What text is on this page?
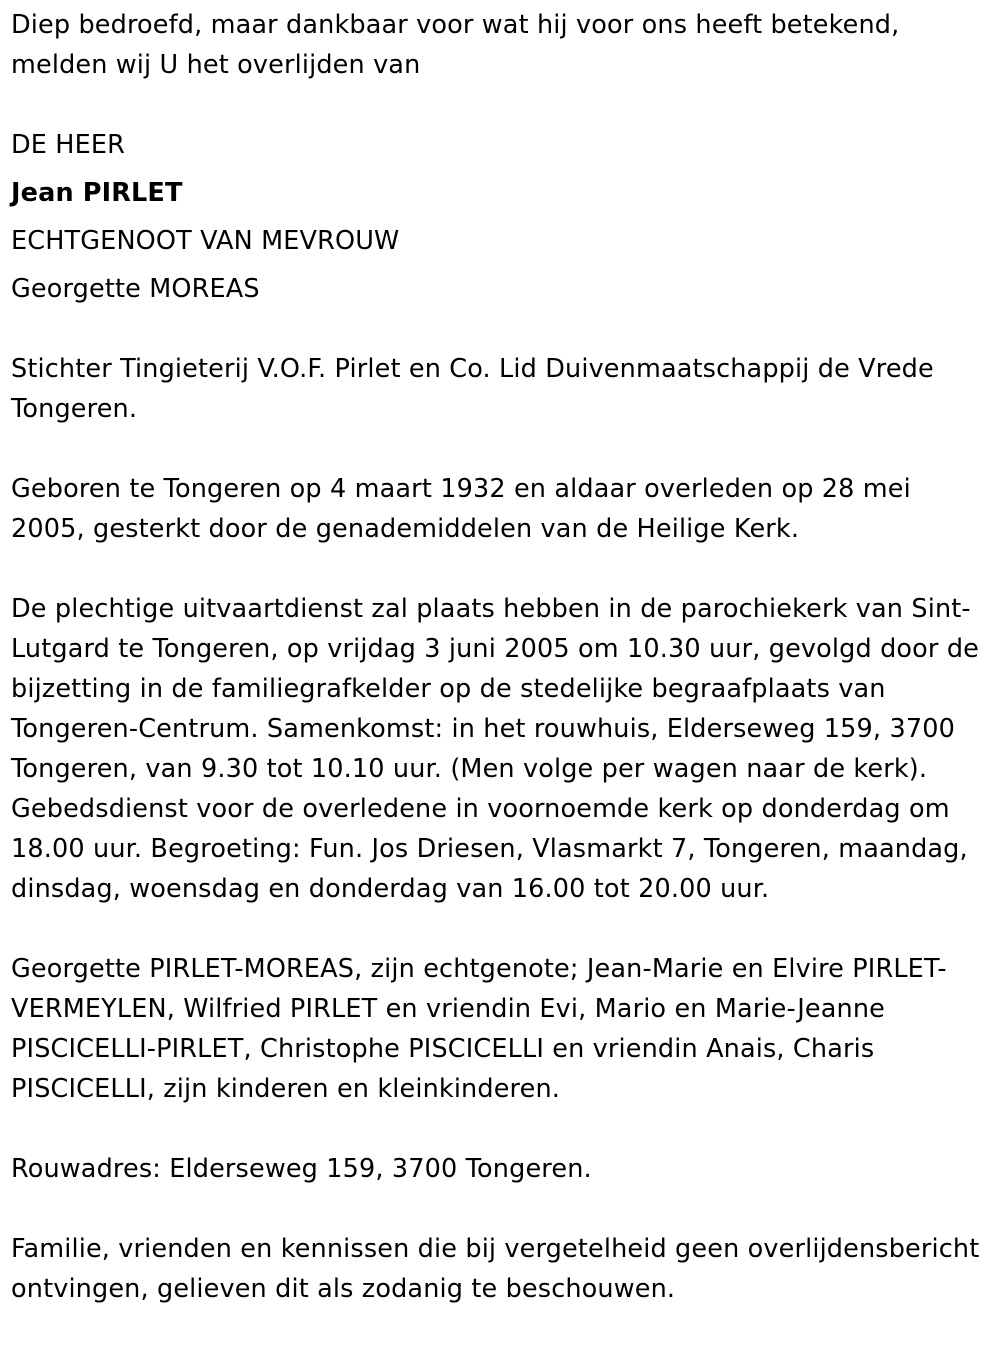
Diep bedroefd, maar dankbaar voor wat hij voor ons heeft betekend, melden wij U het overlijden van

DE HEER

Jean PIRLET

ECHTGENOOT VAN MEVROUW

Georgette MOREAS

Stichter Tingieterij V.O.F. Pirlet en Co. Lid Duivenmaatschappij de Vrede Tongeren.

Geboren te Tongeren op 4 maart 1932 en aldaar overleden op 28 mei 2005, gesterkt door de genademiddelen van de Heilige Kerk.

De plechtige uitvaartdienst zal plaats hebben in de parochiekerk van Sint-Lutgard te Tongeren, op vrijdag 3 juni 2005 om 10.30 uur, gevolgd door de bijzetting in de familiegrafkelder op de stedelijke begraafplaats van Tongeren-Centrum. Samenkomst: in het rouwhuis, Elderseweg 159, 3700 Tongeren, van 9.30 tot 10.10 uur. (Men volge per wagen naar de kerk). Gebedsdienst voor de overledene in voornoemde kerk op donderdag om 18.00 uur. Begroeting: Fun. Jos Driesen, Vlasmarkt 7, Tongeren, maandag, dinsdag, woensdag en donderdag van 16.00 tot 20.00 uur.

Georgette PIRLET-MOREAS, zijn echtgenote; Jean-Marie en Elvire PIRLET-VERMEYLEN, Wilfried PIRLET en vriendin Evi, Mario en Marie-Jeanne PISCICELLI-PIRLET, Christophe PISCICELLI en vriendin Anais, Charis PISCICELLI, zijn kinderen en kleinkinderen.

Rouwadres: Elderseweg 159, 3700 Tongeren.

Familie, vrienden en kennissen die bij vergetelheid geen overlijdensbericht ontvingen, gelieven dit als zodanig te beschouwen.
